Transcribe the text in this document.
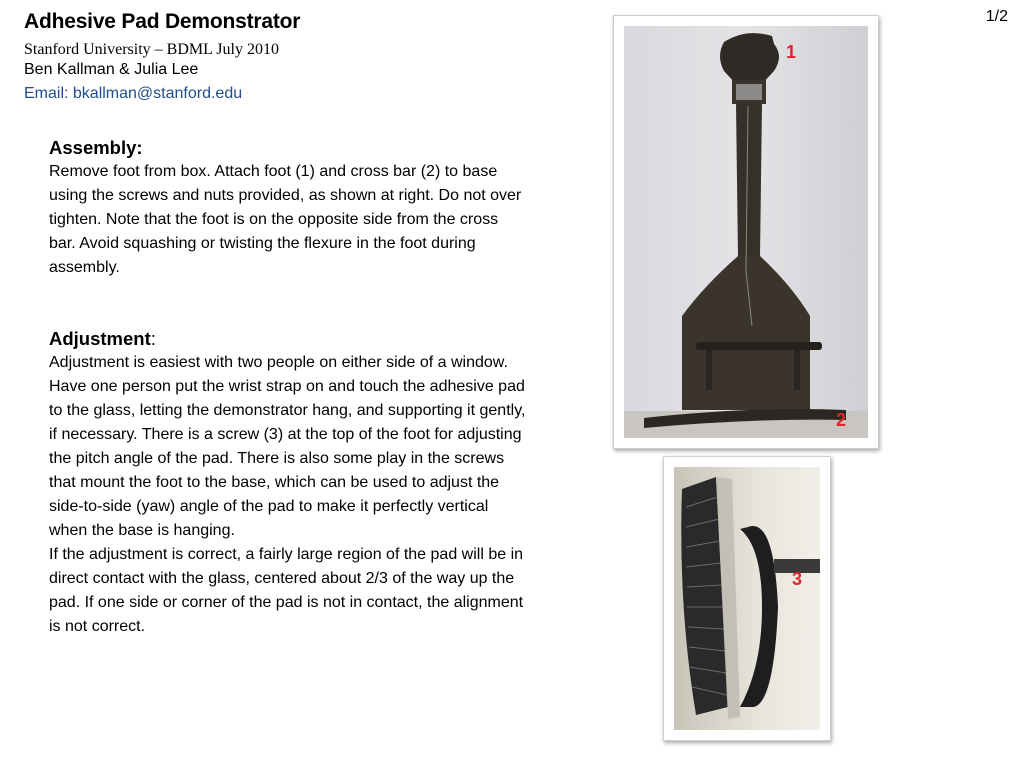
1/2
Adhesive Pad Demonstrator
Stanford University – BDML July 2010
Ben Kallman & Julia Lee
Email: bkallman@stanford.edu
Assembly:

Remove foot from box. Attach foot (1) and cross bar (2) to base using the screws and nuts provided, as shown at right. Do not over tighten. Note that the foot is on the opposite side from the cross bar. Avoid squashing or twisting the flexure in the foot during assembly.

Adjustment:

Adjustment is easiest with two people on either side of a window. Have one person put the wrist strap on and touch the adhesive pad to the glass, letting the demonstrator hang, and supporting it gently, if necessary. There is a screw (3) at the top of the foot for adjusting the pitch angle of the pad. There is also some play in the screws that mount the foot to the base, which can be used to adjust the side-to-side (yaw) angle of the pad to make it perfectly vertical when the base is hanging.

If the adjustment is correct, a fairly large region of the pad will be in direct contact with the glass, centered about 2/3 of the way up the pad. If one side or corner of the pad is not in contact, the alignment is not correct.

1
2
3
